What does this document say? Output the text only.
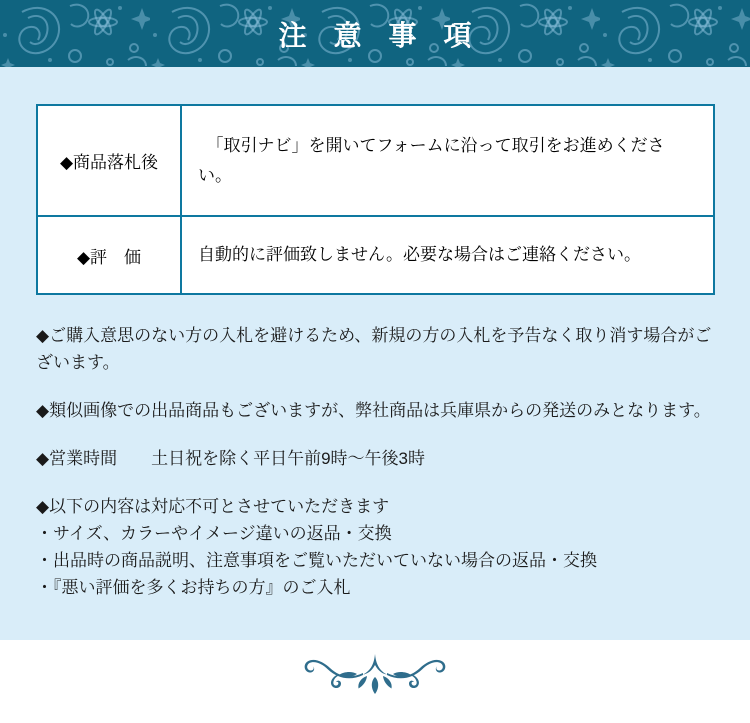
注 意 事 項
◆商品落札後	　「取引ナビ」を開いてフォームに沿って取引をお進めください。
◆評　価	自動的に評価致しません。必要な場合はご連絡ください。

◆ご購入意思のない方の入札を避けるため、新規の方の入札を予告なく取り消す場合がございます。

◆類似画像での出品商品もございますが、弊社商品は兵庫県からの発送のみとなります。

◆営業時間　　土日祝を除く平日午前9時～午後3時

◆以下の内容は対応不可とさせていただきます

・サイズ、カラーやイメージ違いの返品・交換

・出品時の商品説明、注意事項をご覧いただいていない場合の返品・交換

・『悪い評価を多くお持ちの方』のご入札
